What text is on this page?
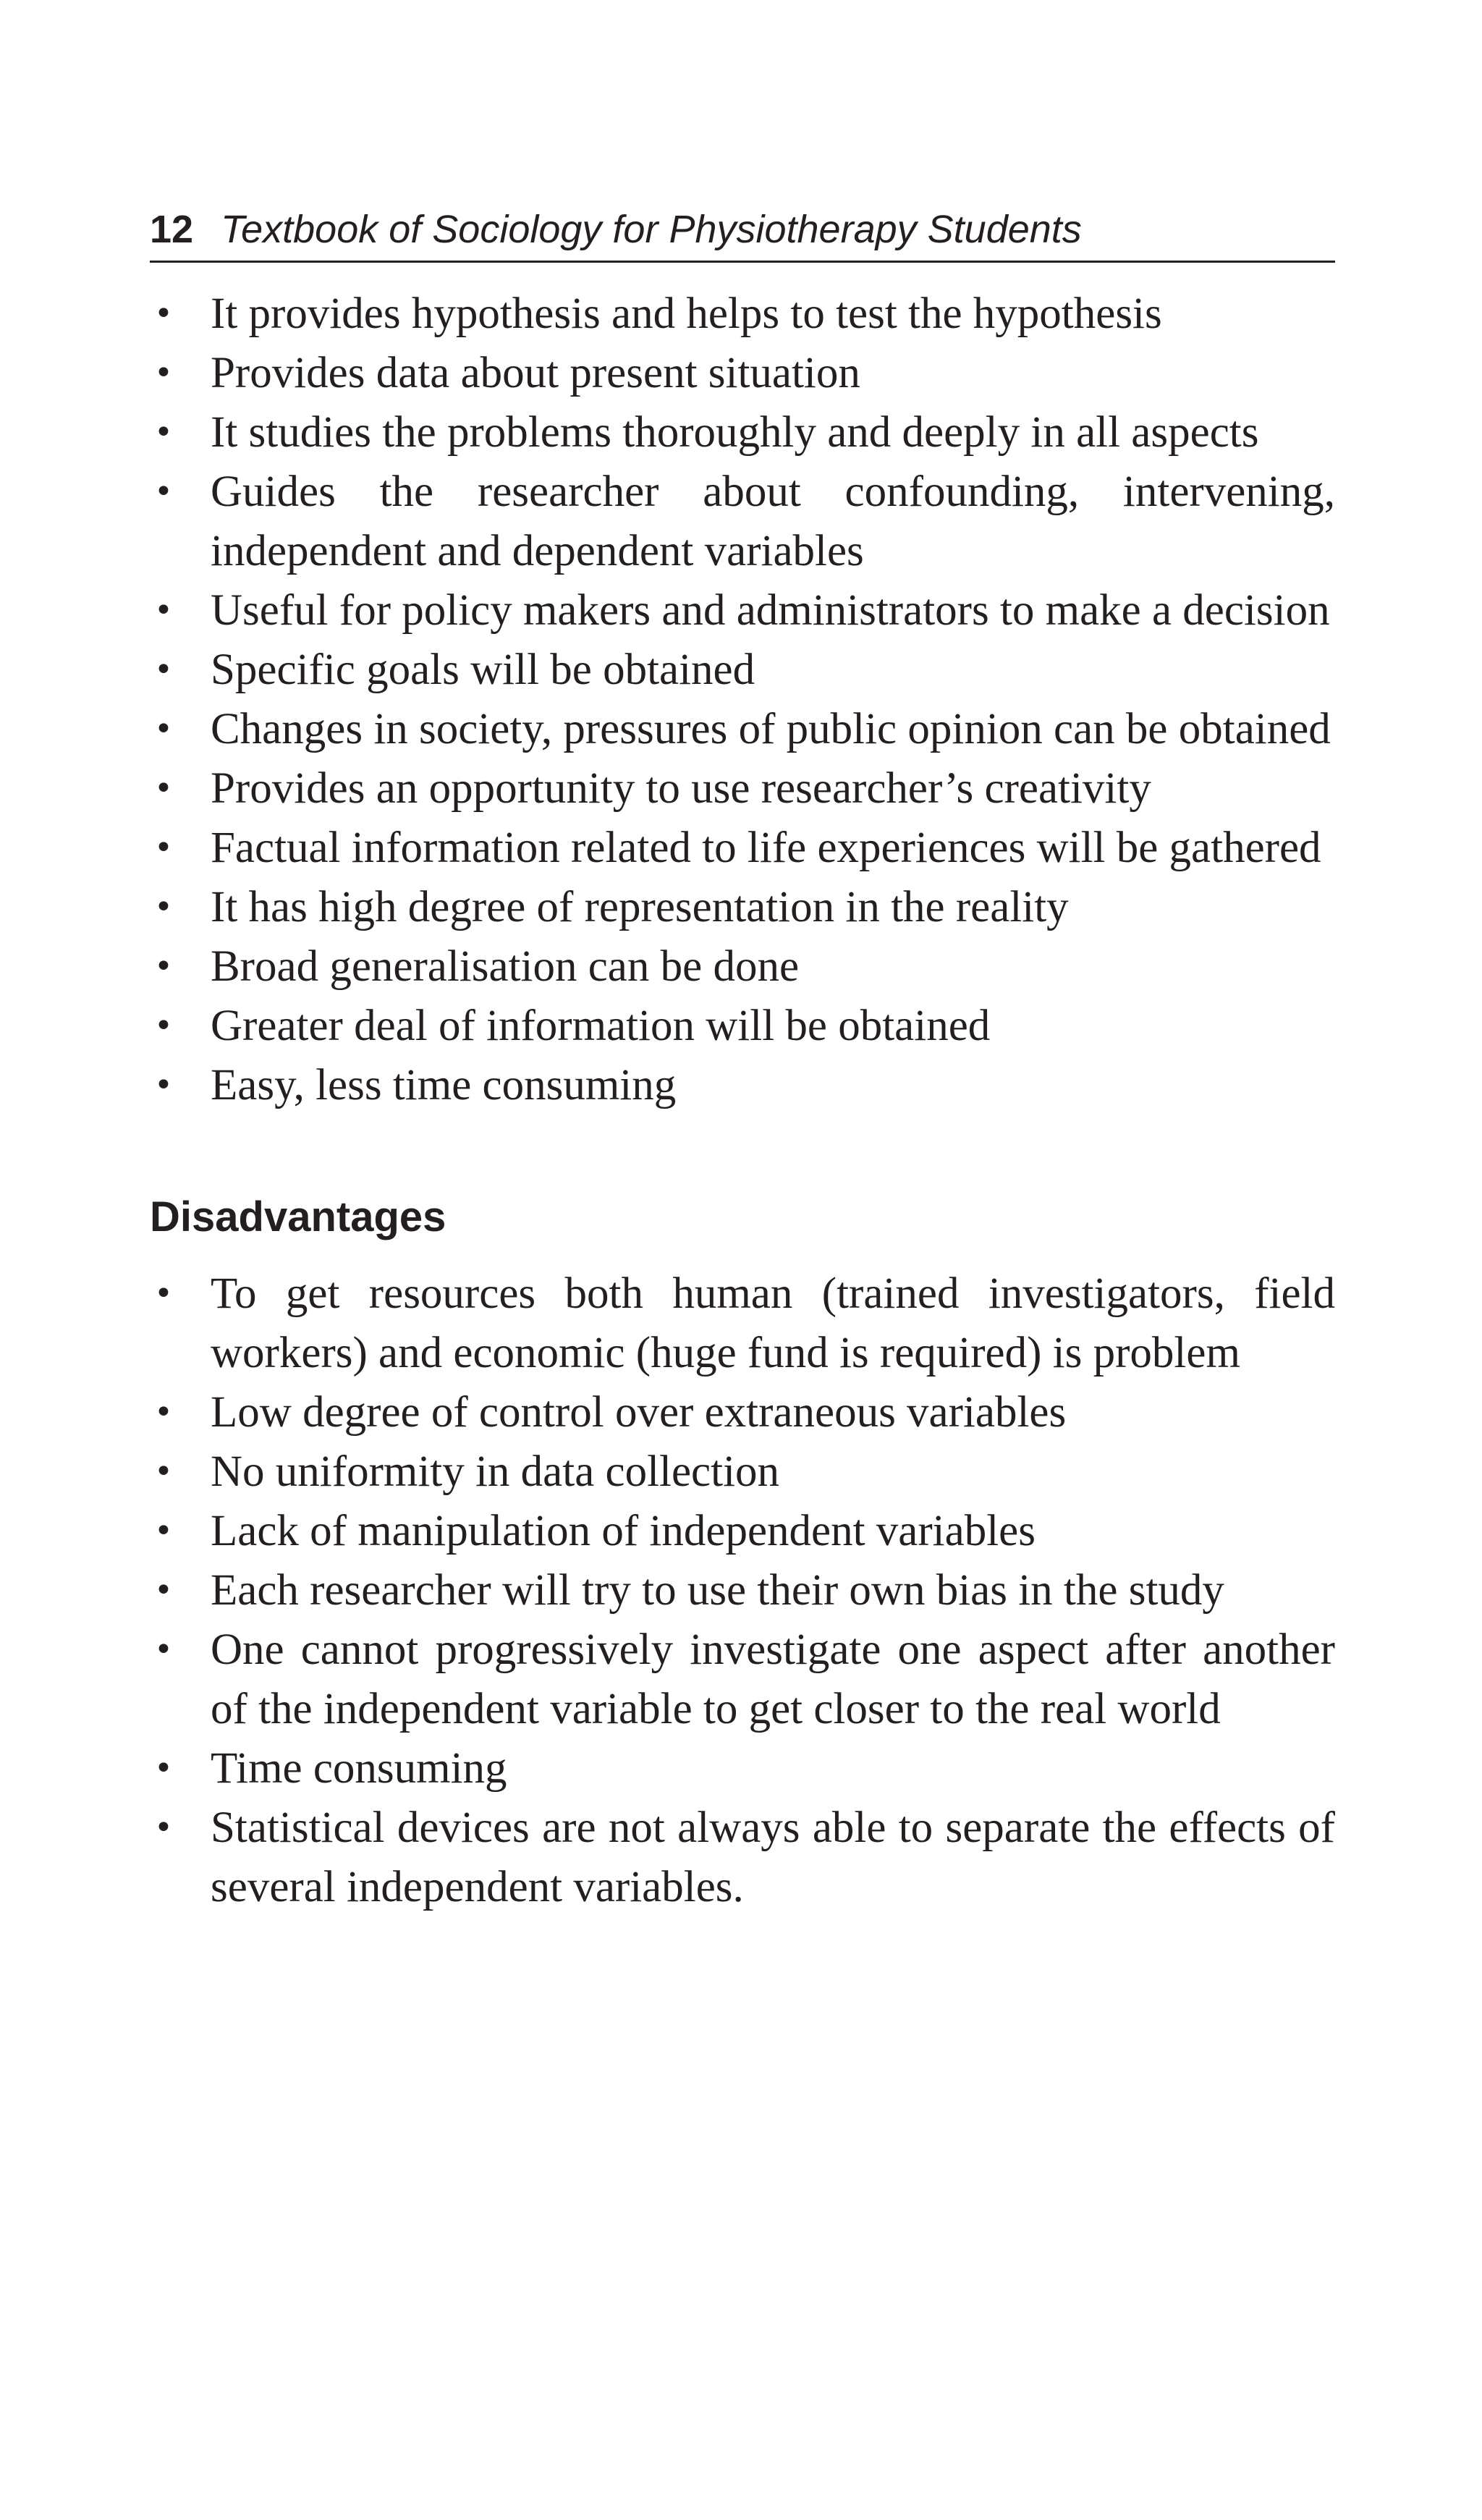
12 Textbook of Sociology for Physiotherapy Students
• It provides hypothesis and helps to test the hypothesis
• Provides data about present situation
• It studies the problems thoroughly and deeply in all aspects
• Guides the researcher about confounding, intervening, independent and dependent variables
• Useful for policy makers and administrators to make a decision
• Specific goals will be obtained
• Changes in society, pressures of public opinion can be obtained
• Provides an opportunity to use researcher’s creativity
• Factual information related to life experiences will be gathered
• It has high degree of representation in the reality
• Broad generalisation can be done
• Greater deal of information will be obtained
• Easy, less time consuming
Disadvantages
• To get resources both human (trained investigators, field workers) and economic (huge fund is required) is problem
• Low degree of control over extraneous variables
• No uniformity in data collection
• Lack of manipulation of independent variables
• Each researcher will try to use their own bias in the study
• One cannot progressively investigate one aspect after another of the independent variable to get closer to the real world
• Time consuming
• Statistical devices are not always able to separate the effects of several independent variables.
